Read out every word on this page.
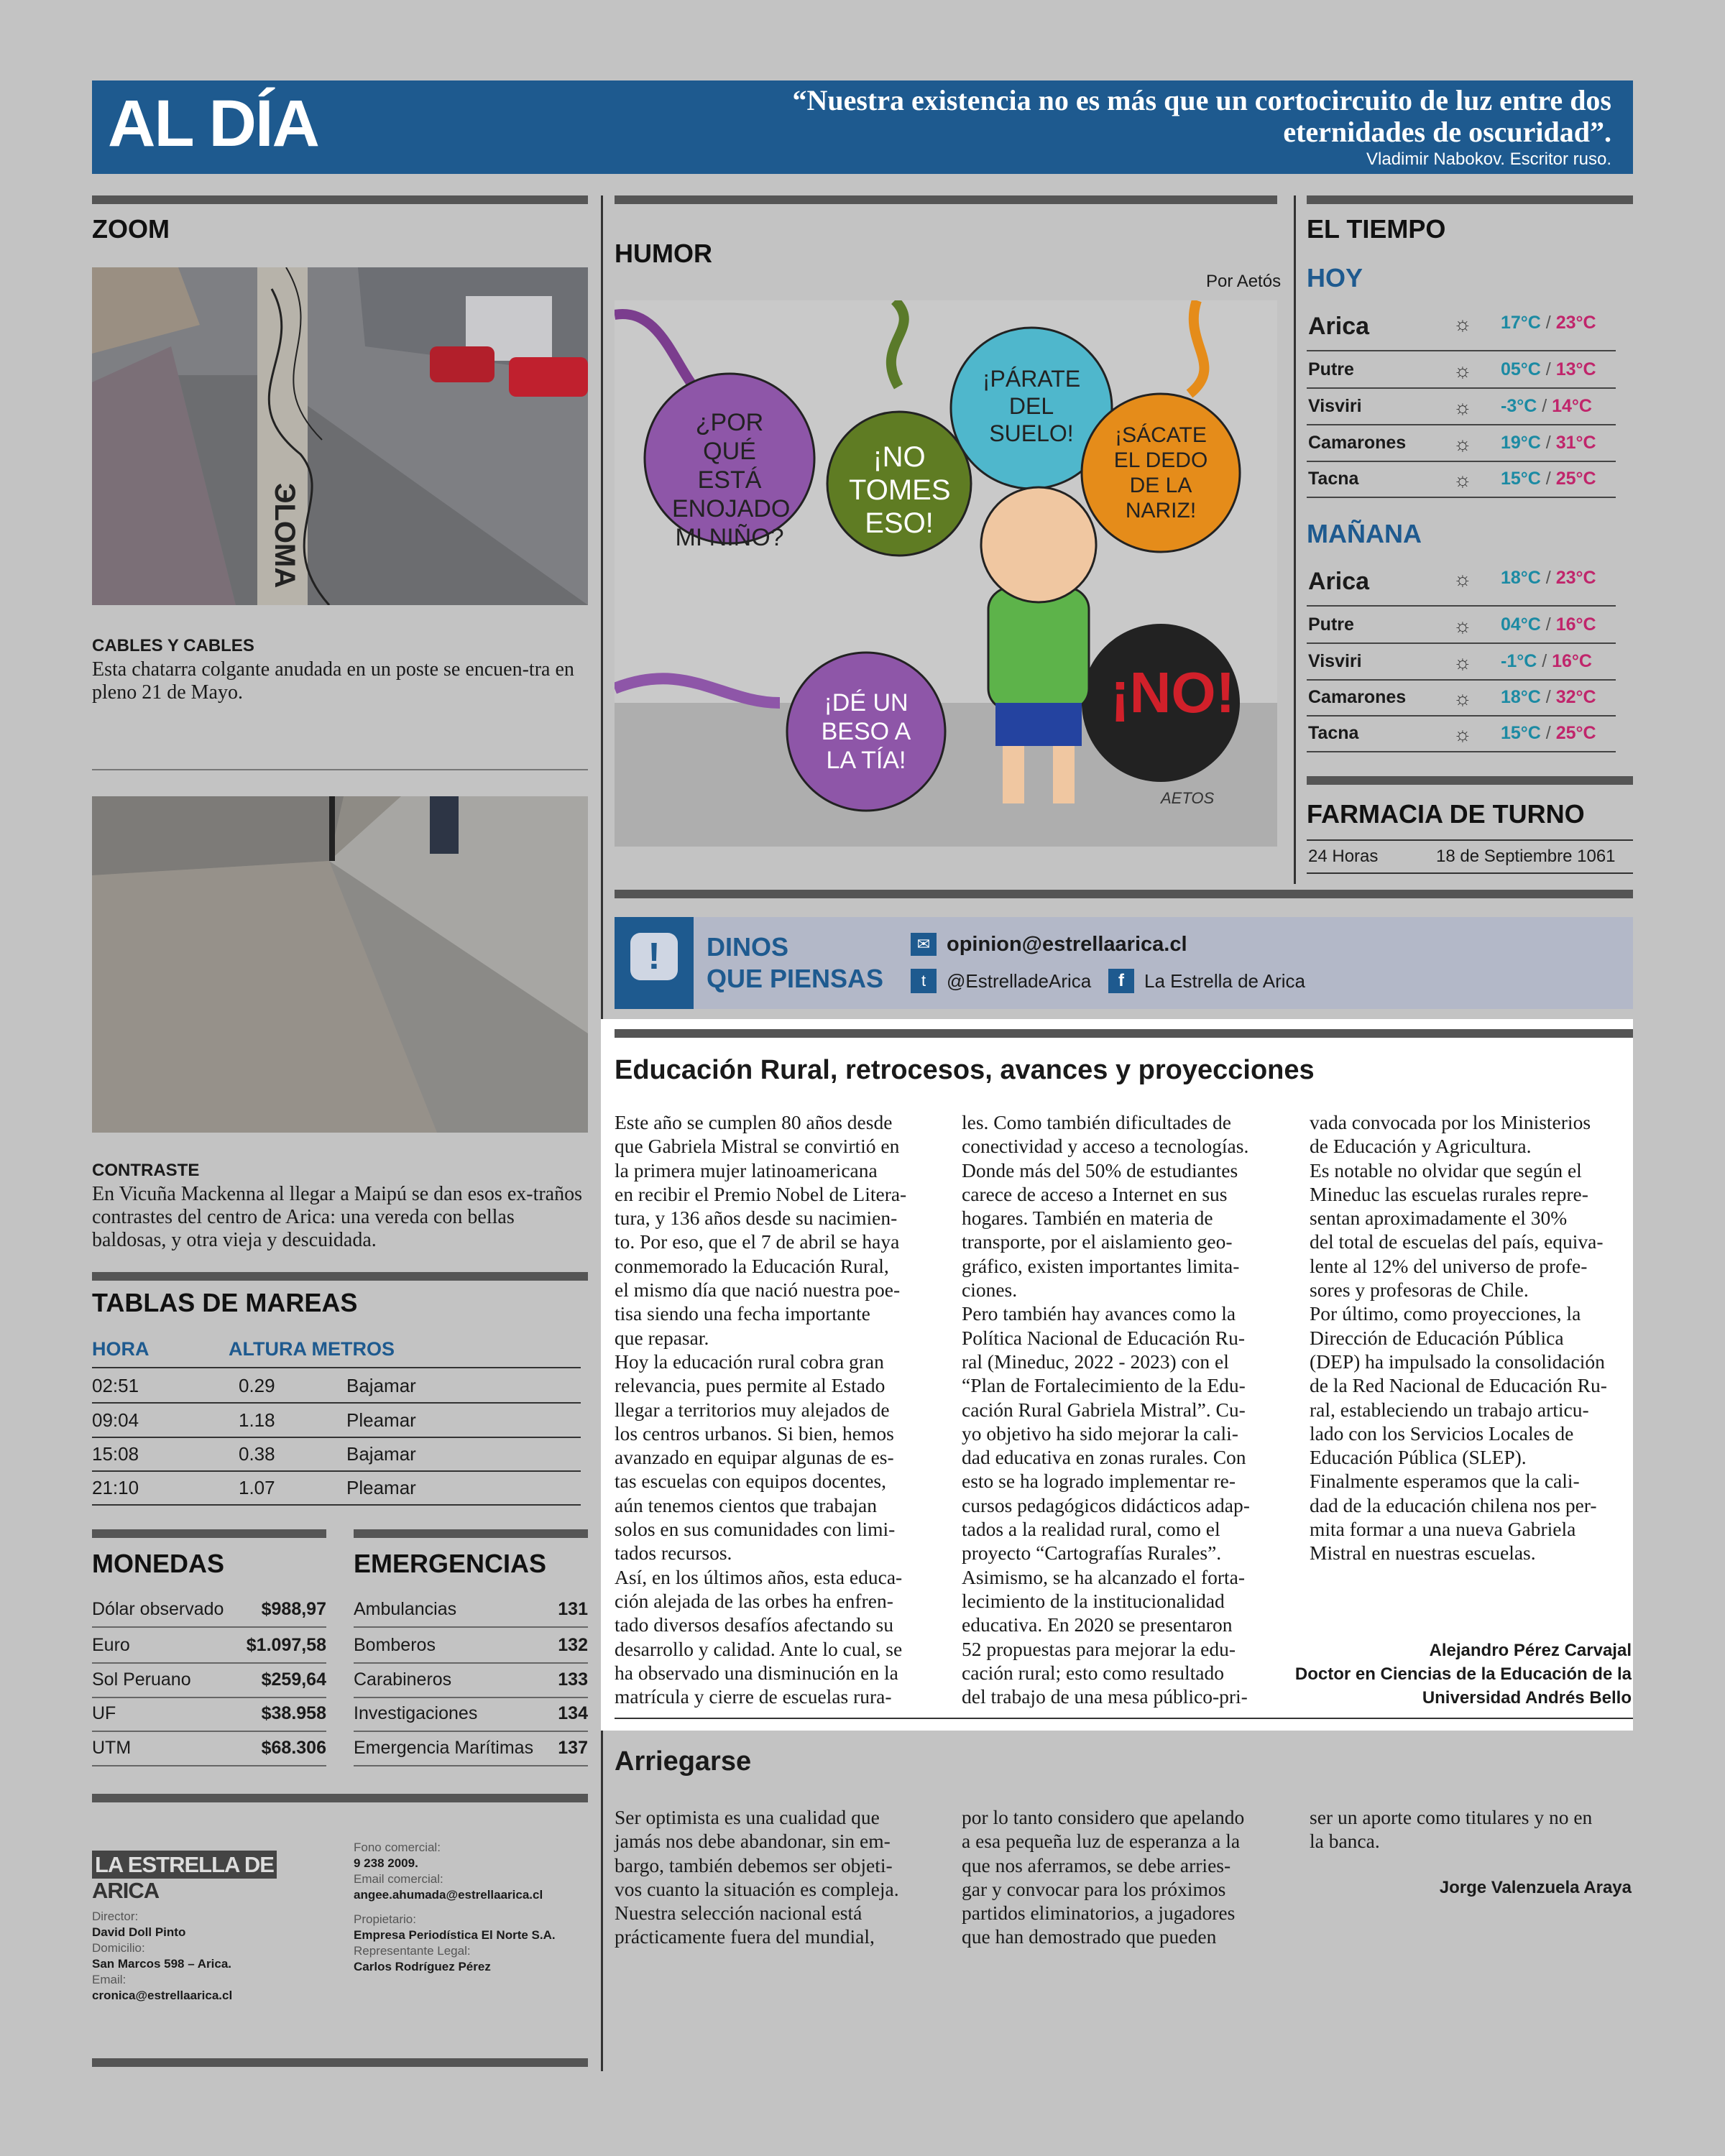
AL DÍA	“Nuestra existencia no es más que un cortocircuito de luz entre dos eternidades de oscuridad”.
Vladimir Nabokov. Escritor ruso.
ZOOM
ЭLOMA
CABLES Y CABLES
Esta chatarra colgante anudada en un poste se encuen-tra en pleno 21 de Mayo.
CONTRASTE
En Vicuña Mackenna al llegar a Maipú se dan esos ex-traños contrastes del centro de Arica: una vereda con bellas baldosas, y otra vieja y descuidada.
TABLAS DE MAREAS
HORA	ALTURA METROS
02:51	0.29	Bajamar
09:04	1.18	Pleamar
15:08	0.38	Bajamar
21:10	1.07	Pleamar
MONEDAS
Dólar observado $988,97
Euro	$1.097,58
Sol Peruano	$259,64
UF	$38.958
UTM	$68.306
EMERGENCIAS
Ambulancias	131
Bomberos	132
Carabineros	133
Investigaciones	134
Emergencia Marítimas 137
LA ESTRELLA DE ARICA
Director:
David Doll Pinto
Domicilio:
San Marcos 598 – Arica.
Email:
cronica@estrellaarica.cl
Fono comercial:
9 238 2009.
Email comercial:
angee.ahumada@estrellaarica.cl
Propietario:
Empresa Periodística El Norte S.A.
Representante Legal:
Carlos Rodríguez Pérez
HUMOR
Por Aetós
¿POR QUÉ ESTÁ ENOJADO MI NIÑO?
¡NO TOMES ESO!
¡PÁRATE DEL SUELO!	¡SÁCATE EL DEDO DE LA NARIZ!
¡DÉ UN BESO A LA TÍA!
¡NO!
AETOS
EL TIEMPO
HOY
Arica	☼ 17°C / 23°C
Putre	☼ 05°C / 13°C
Visviri	☼ -3°C / 14°C
Camarones ☼ 19°C / 31°C
Tacna	☼ 15°C / 25°C
MAÑANA
Arica	☼ 18°C / 23°C
Putre	☼ 04°C / 16°C
Visviri	☼ -1°C / 16°C
Camarones ☼ 18°C / 32°C
Tacna	☼ 15°C / 25°C
FARMACIA DE TURNO
24 Horas	18 de Septiembre 1061
!	DINOS
QUE PIENSAS
✉ opinion@estrellaarica.cl
t	@EstrelladeArica	f	La Estrella de Arica
Educación Rural, retrocesos, avances y proyecciones
Este año se cumplen 80 años desde
que Gabriela Mistral se convirtió en
la primera mujer latinoamericana
en recibir el Premio Nobel de Litera-
tura, y 136 años desde su nacimien-
to. Por eso, que el 7 de abril se haya
conmemorado la Educación Rural,
el mismo día que nació nuestra poe-
tisa siendo una fecha importante
que repasar.
Hoy la educación rural cobra gran
relevancia, pues permite al Estado
llegar a territorios muy alejados de
los centros urbanos. Si bien, hemos
avanzado en equipar algunas de es-
tas escuelas con equipos docentes,
aún tenemos cientos que trabajan
solos en sus comunidades con limi-
tados recursos.
Así, en los últimos años, esta educa-
ción alejada de las orbes ha enfren-
tado diversos desafíos afectando su
desarrollo y calidad. Ante lo cual, se
ha observado una disminución en la
matrícula y cierre de escuelas rura-
les. Como también dificultades de
conectividad y acceso a tecnologías.
Donde más del 50% de estudiantes
carece de acceso a Internet en sus
hogares. También en materia de
transporte, por el aislamiento geo-
gráfico, existen importantes limita-
ciones.
Pero también hay avances como la
Política Nacional de Educación Ru-
ral (Mineduc, 2022 - 2023) con el
“Plan de Fortalecimiento de la Edu-
cación Rural Gabriela Mistral”. Cu-
yo objetivo ha sido mejorar la cali-
dad educativa en zonas rurales. Con
esto se ha logrado implementar re-
cursos pedagógicos didácticos adap-
tados a la realidad rural, como el
proyecto “Cartografías Rurales”.
Asimismo, se ha alcanzado el forta-
lecimiento de la institucionalidad
educativa. En 2020 se presentaron
52 propuestas para mejorar la edu-
cación rural; esto como resultado
del trabajo de una mesa público-pri-
vada convocada por los Ministerios
de Educación y Agricultura.
Es notable no olvidar que según el
Mineduc las escuelas rurales repre-
sentan aproximadamente el 30%
del total de escuelas del país, equiva-
lente al 12% del universo de profe-
sores y profesoras de Chile.
Por último, como proyecciones, la
Dirección de Educación Pública
(DEP) ha impulsado la consolidación
de la Red Nacional de Educación Ru-
ral, estableciendo un trabajo articu-
lado con los Servicios Locales de
Educación Pública (SLEP).
Finalmente esperamos que la cali-
dad de la educación chilena nos per-
mita formar a una nueva Gabriela
Mistral en nuestras escuelas.
Alejandro Pérez Carvajal
Doctor en Ciencias de la Educación de la
Universidad Andrés Bello
Arriegarse
Ser optimista es una cualidad que
jamás nos debe abandonar, sin em-
bargo, también debemos ser objeti-
vos cuanto la situación es compleja.
Nuestra selección nacional está
prácticamente fuera del mundial,
por lo tanto considero que apelando
a esa pequeña luz de esperanza a la
que nos aferramos, se debe arries-
gar y convocar para los próximos
partidos eliminatorios, a jugadores
que han demostrado que pueden
ser un aporte como titulares y no en
la banca.
Jorge Valenzuela Araya
